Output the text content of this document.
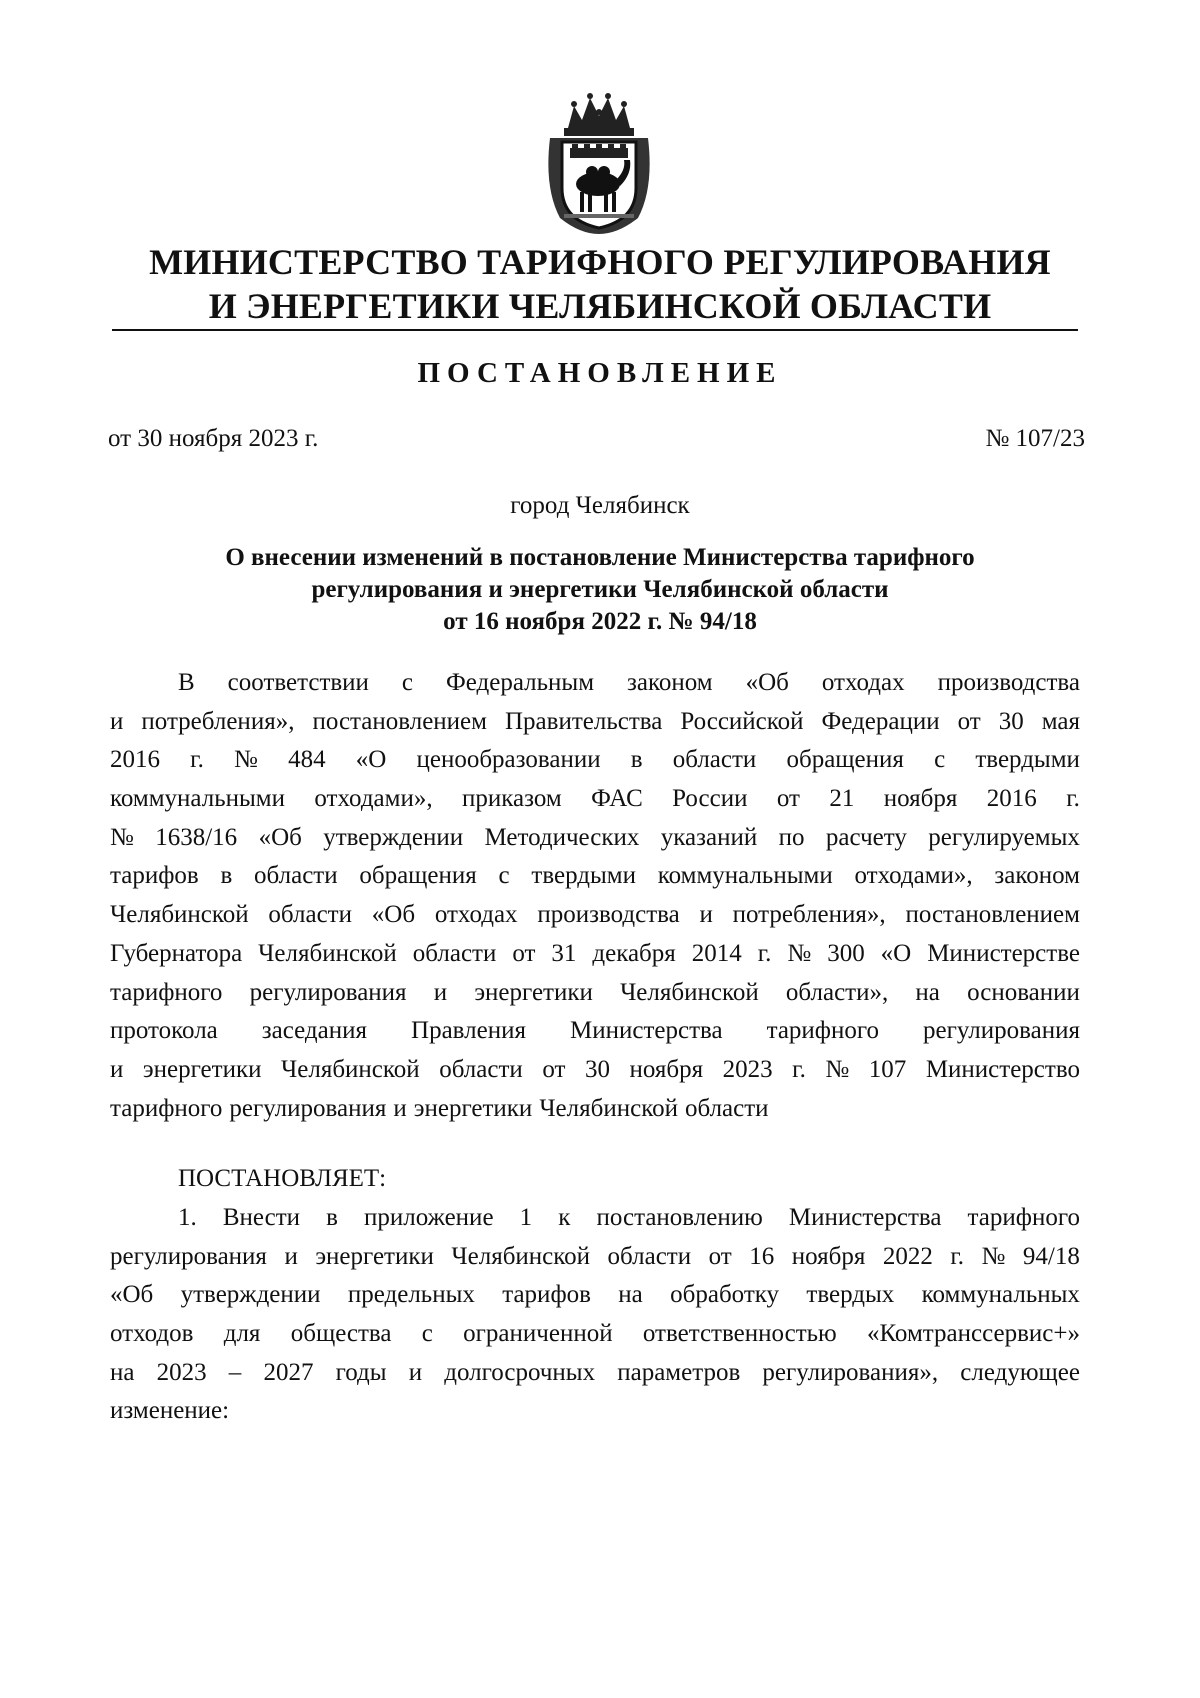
МИНИСТЕРСТВО ТАРИФНОГО РЕГУЛИРОВАНИЯ
И ЭНЕРГЕТИКИ ЧЕЛЯБИНСКОЙ ОБЛАСТИ
ПОСТАНОВЛЕНИЕ
от 30 ноября 2023 г.	№ 107/23
город Челябинск
О внесении изменений в постановление Министерства тарифного
регулирования и энергетики Челябинской области
от 16 ноября 2022 г. № 94/18
В соответствии с Федеральным законом «Об отходах производства
и потребления», постановлением Правительства Российской Федерации от 30 мая
2016 г. № 484 «О ценообразовании в области обращения с твердыми
коммунальными отходами», приказом ФАС России от 21 ноября 2016 г.
№ 1638/16 «Об утверждении Методических указаний по расчету регулируемых
тарифов в области обращения с твердыми коммунальными отходами», законом
Челябинской области «Об отходах производства и потребления», постановлением
Губернатора Челябинской области от 31 декабря 2014 г. № 300 «О Министерстве
тарифного регулирования и энергетики Челябинской области», на основании
протокола заседания Правления Министерства тарифного регулирования
и энергетики Челябинской области от 30 ноября 2023 г. № 107 Министерство
тарифного регулирования и энергетики Челябинской области
ПОСТАНОВЛЯЕТ:
1. Внести в приложение 1 к постановлению Министерства тарифного
регулирования и энергетики Челябинской области от 16 ноября 2022 г. № 94/18
«Об утверждении предельных тарифов на обработку твердых коммунальных
отходов для общества с ограниченной ответственностью «Комтранссервис+»
на 2023 – 2027 годы и долгосрочных параметров регулирования», следующее
изменение:
